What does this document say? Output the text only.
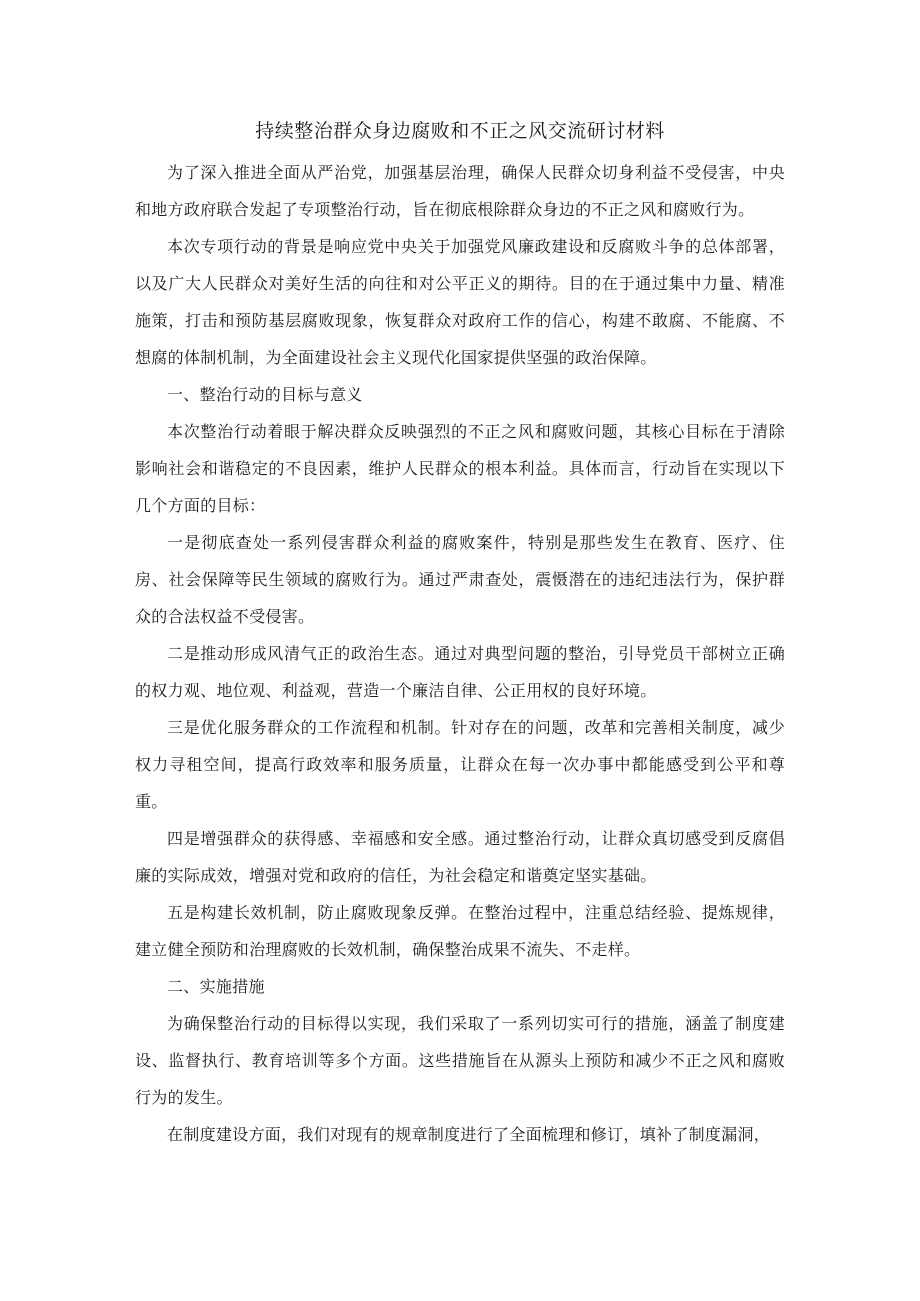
持续整治群众身边腐败和不正之风交流研讨材料

为了深入推进全面从严治党，加强基层治理，确保人民群众切身利益不受侵害，中央和地方政府联合发起了专项整治行动，旨在彻底根除群众身边的不正之风和腐败行为。

本次专项行动的背景是响应党中央关于加强党风廉政建设和反腐败斗争的总体部署，以及广大人民群众对美好生活的向往和对公平正义的期待。目的在于通过集中力量、精准施策，打击和预防基层腐败现象，恢复群众对政府工作的信心，构建不敢腐、不能腐、不想腐的体制机制，为全面建设社会主义现代化国家提供坚强的政治保障。

一、整治行动的目标与意义

本次整治行动着眼于解决群众反映强烈的不正之风和腐败问题，其核心目标在于清除影响社会和谐稳定的不良因素，维护人民群众的根本利益。具体而言，行动旨在实现以下几个方面的目标：

一是彻底查处一系列侵害群众利益的腐败案件，特别是那些发生在教育、医疗、住房、社会保障等民生领域的腐败行为。通过严肃查处，震慑潜在的违纪违法行为，保护群众的合法权益不受侵害。

二是推动形成风清气正的政治生态。通过对典型问题的整治，引导党员干部树立正确的权力观、地位观、利益观，营造一个廉洁自律、公正用权的良好环境。

三是优化服务群众的工作流程和机制。针对存在的问题，改革和完善相关制度，减少权力寻租空间，提高行政效率和服务质量，让群众在每一次办事中都能感受到公平和尊重。

四是增强群众的获得感、幸福感和安全感。通过整治行动，让群众真切感受到反腐倡廉的实际成效，增强对党和政府的信任，为社会稳定和谐奠定坚实基础。

五是构建长效机制，防止腐败现象反弹。在整治过程中，注重总结经验、提炼规律，建立健全预防和治理腐败的长效机制，确保整治成果不流失、不走样。

二、实施措施

为确保整治行动的目标得以实现，我们采取了一系列切实可行的措施，涵盖了制度建设、监督执行、教育培训等多个方面。这些措施旨在从源头上预防和减少不正之风和腐败行为的发生。

在制度建设方面，我们对现有的规章制度进行了全面梳理和修订，填补了制度漏洞，
